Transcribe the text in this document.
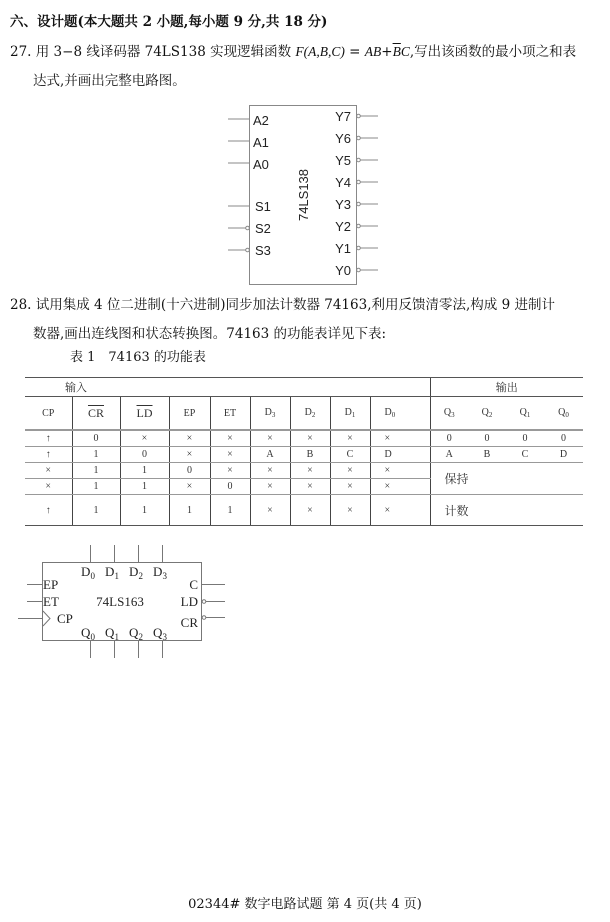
六、设计题(本大题共 2 小题,每小题 9 分,共 18 分)
27. 用 3−8 线译码器 74LS138 实现逻辑函数 $F(A,B,C) = AB+\overline{B}C$,写出该函数的最小项之和表
达式,并画出完整电路图。
A2
A1
A0
S1
S2
S3
74LS138
Y7
Y6
Y5
Y4
Y3
Y2
Y1
Y0
28. 试用集成 4 位二进制(十六进制)同步加法计数器 74163,利用反馈清零法,构成 9 进制计
数器,画出连线图和状态转换图。74163 的功能表详见下表:
表 1　74163 的功能表
输入									输出			
CP	$\overline{CR}$	$\overline{LD}$	EP	ET	$D_3$	$D_2$	$D_1$	$D_0$	$Q_3$	$Q_2$	$Q_1$	$Q_0$
↑	0	×	×	×	×	×	×	×	0	0	0	0
↑	1	0	×	×	A	B	C	D	A	B	C	D
×	1	1	0	×	×	×	×	×	保持			
×	1	1	×	0	×	×	×	×				
↑	1	1	1	1	×	×	×	×	计数			
$D_0$ $D_1$ $D_2$ $D_3$
$Q_0$ $Q_1$ $Q_2$ $Q_3$
EP
ET
CP
C
LD
CR
74LS163
02344# 数字电路试题 第 4 页(共 4 页)
